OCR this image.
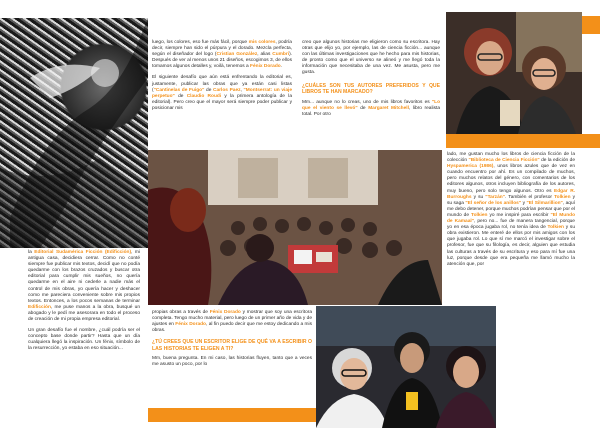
luego, los colores, eso fue más fácil, porque mis colores, podría decir, siempre han sido el púrpura y el dorado. Mezcla perfecta, según el diseñador del logo (Cristian González, alias Cumbri). Después de ver al menos unos 21 diseños, escogimos 3, de ellos tomamos algunos detalles y, voilà, tenemos a Fénix Dorado.

El siguiente desafío que aún está enfrentando la editorial es, justamente, publicar las obras que ya están casi listas ("Cantinelas de Fuigo" de Carlos Paez, "Montserrat: un viaje perpetuo" de Claudio Roudi y la primera antología de la editorial). Pero creo que el mayor será siempre poder publicar y posicionar mis

creo que algunos historias me eligieron como su escritora. Hay otras que elijo yo, por ejemplo, las de ciencia ficción... aunque con las últimas investigaciones que he hecho para mis historias, de pronto como que el universo se alineó y me llegó toda la información que necesitaba de una vez. Me asusta, pero me gusta.

¿CUÁLES SON TUS AUTORES PREFERIDOS Y QUE LIBROS TE HAN MARCADO?

Mm... aunque no lo creas, uno de mis libros favoritos es "Lo que el viento se llevó" de Margaret Mitchell, libro realista total. Por otro

lado, me gustan mucho los libros de ciencia ficción de la colección "Biblioteca de Ciencia Ficción" de la edición de Hyspamerica (1986), unos libros azules que de vez en cuando encuentro por ahí. Es un compilado de muchos, pero muchos relatos del género, con comentarios de los editores algunos, otros incluyen bibliografía de los autores, muy bueno, pero solo tengo algunos. Otro es Edgar R. Burroughs y su "Tarzán". También el profesor Tolkien y su saga "El señor de los anillos" y "El Silmarillion", aquí me debo detener, porque muchos podrían pensar que por el mundo de Tolkien yo me inspiré para escribir "El Mundo de Kamaal", pero no... fue de manera tangencial, porque yo en esa época jugaba rol, no tenía idea de Tolkien y su obra existieron. Me enteré de ellos por mis amigos con los que jugaba rol. Lo que sí me marcó el investigar sobre el profesor, fue que su filología, es decir, alguien que estudia las culturas a través de su escritura y eso para mí fue una luz, porque desde que era pequeña me llamó mucho la atención que, por

la Editorial Sudamérica Ficción (Edificción), mi antigua casa, decidiera cerrar. Como no conté siempre fue publicar mis textos, decidí que no podía quedarme con los brazos cruzados y buscar otra editorial para cumplir mis sueños, no quería quedarme en el aire ni cederle a nadie más el control de mis obras, yo quería hacer y deshacer como me pareciera conveniente sobre mis propios textos. Entonces, a los pocos semanas de terminar Edificción, me puse manos a la obra, busqué un abogado y le pedí me asesorara en todo el proceso de creación de mi propia empresa editorial.

Un gran desafío fue el nombre, ¿cuál podría ser el concepto base donde partir? Hasta que un día cualquiera llegó la inspiración. Un fénix, símbolo de la resurrección, yo estaba en eso situación...

propias obras a través de Fénix Dorado y mostrar que soy una escritora completa. Tengo mucho material, pero luego de un primer año de vida y de ajustes en Fénix Dorado, al fin puedo decir que me estoy dedicando a mis obras.

¿TÚ CREES QUE UN ESCRITOR ELIGE DE QUÉ VA A ESCRIBIR O LAS HISTORIAS TE ELIGEN A TI?

Mm, buena pregunta. En mi caso, las historias fluyen, tanto que a veces me asusto un poco, por lo
